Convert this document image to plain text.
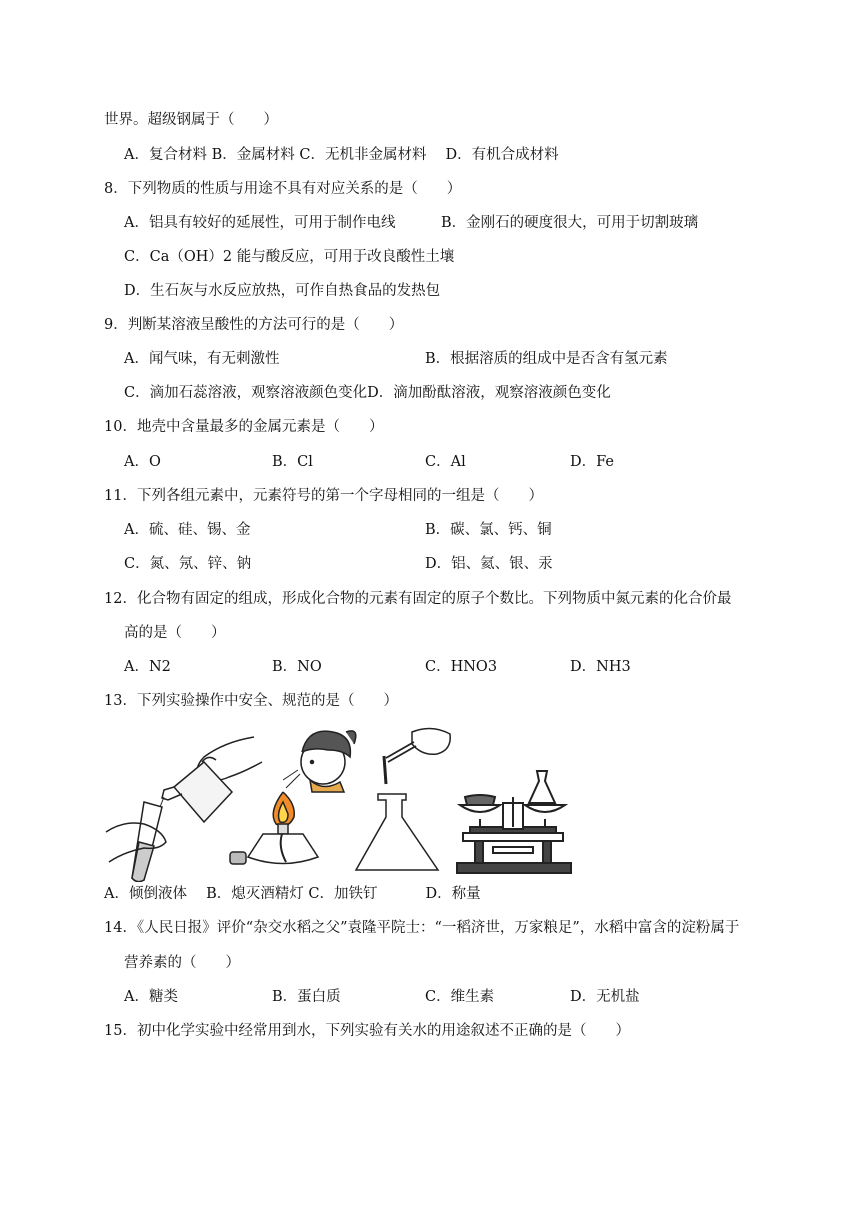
世界。超级钢属于（　　）
A．复合材料 B．金属材料 C．无机非金属材料 　D．有机合成材料
8．下列物质的性质与用途不具有对应关系的是（　　）
A．铝具有较好的延展性，可用于制作电线	B．金刚石的硬度很大，可用于切割玻璃
C．Ca（OH）2 能与酸反应，可用于改良酸性土壤
D．生石灰与水反应放热，可作自热食品的发热包
9．判断某溶液呈酸性的方法可行的是（　　）
A．闻气味，有无刺激性	B．根据溶质的组成中是否含有氢元素
C．滴加石蕊溶液，观察溶液颜色变化D．滴加酚酞溶液，观察溶液颜色变化
10．地壳中含量最多的金属元素是（　　）
A．O	B．Cl	C．Al	D．Fe
11．下列各组元素中，元素符号的第一个字母相同的一组是（　　）
A．硫、硅、锡、金	B．碳、氯、钙、铜
C．氮、氖、锌、钠	D．铝、氦、银、汞
12．化合物有固定的组成，形成化合物的元素有固定的原子个数比。下列物质中氮元素的化合价最
高的是（　　）
A．N2	B．NO	C．HNO3	D．NH3
13．下列实验操作中安全、规范的是（　　）
A．倾倒液体 　B．熄灭酒精灯 C．加铁钉 　　　D．称量
14．《人民日报》评价“杂交水稻之父”袁隆平院士：“一稻济世，万家粮足”，水稻中富含的淀粉属于
营养素的（　　）
A．糖类	B．蛋白质	C．维生素	D．无机盐
15．初中化学实验中经常用到水，下列实验有关水的用途叙述不正确的是（　　）
